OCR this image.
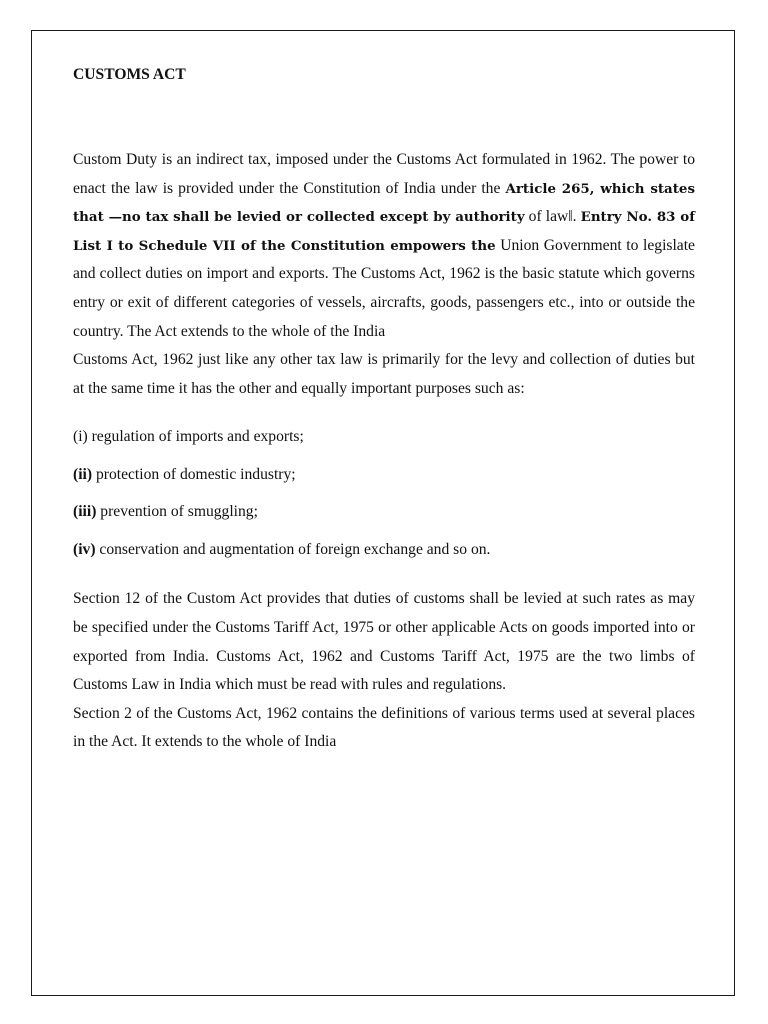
CUSTOMS ACT

Custom Duty is an indirect tax, imposed under the Customs Act formulated in 1962. The power to enact the law is provided under the Constitution of India under the Article 265, which states that —no tax shall be levied or collected except by authority of law‖. Entry No. 83 of List I to Schedule VII of the Constitution empowers the Union Government to legislate and collect duties on import and exports. The Customs Act, 1962 is the basic statute which governs entry or exit of different categories of vessels, aircrafts, goods, passengers etc., into or outside the country. The Act extends to the whole of the India

Customs Act, 1962 just like any other tax law is primarily for the levy and collection of duties but at the same time it has the other and equally important purposes such as:

(i) regulation of imports and exports;

(ii) protection of domestic industry;

(iii) prevention of smuggling;

(iv) conservation and augmentation of foreign exchange and so on.

Section 12 of the Custom Act provides that duties of customs shall be levied at such rates as may be specified under the Customs Tariff Act, 1975 or other applicable Acts on goods imported into or exported from India. Customs Act, 1962 and Customs Tariff Act, 1975 are the two limbs of Customs Law in India which must be read with rules and regulations.

Section 2 of the Customs Act, 1962 contains the definitions of various terms used at several places in the Act. It extends to the whole of India
